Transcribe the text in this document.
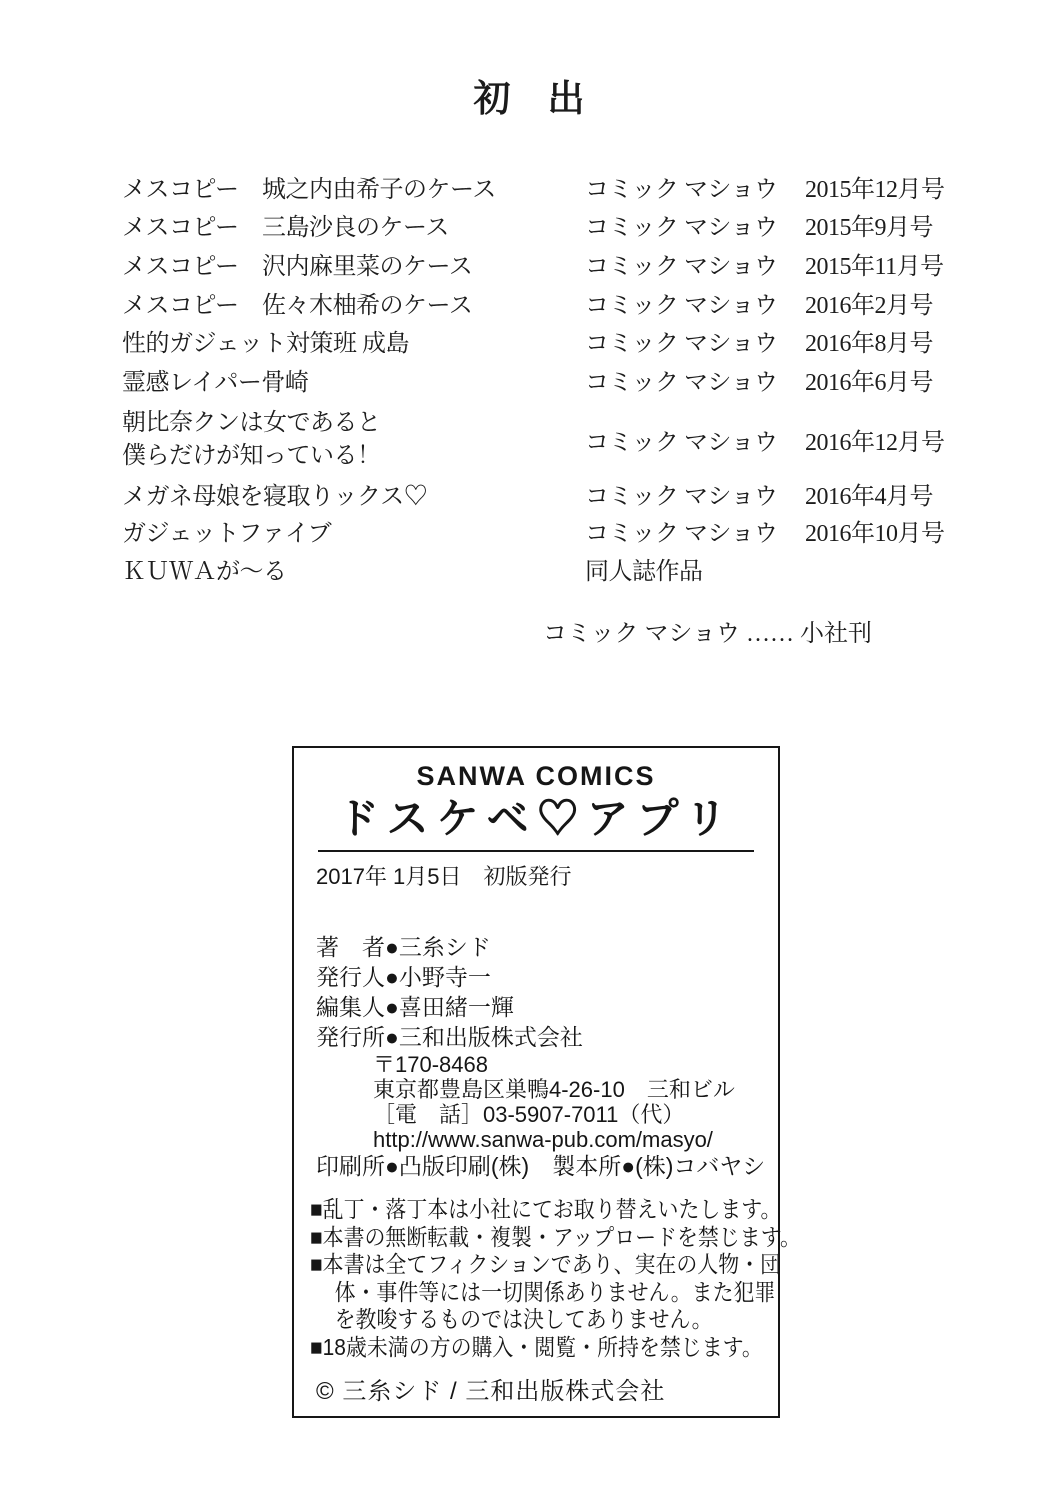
初　出
メスコピー　城之内由希子のケース	コミック マショウ	2015年12月号
メスコピー　三島沙良のケース	コミック マショウ	2015年9月号
メスコピー　沢内麻里菜のケース	コミック マショウ	2015年11月号
メスコピー　佐々木柚希のケース	コミック マショウ	2016年2月号
性的ガジェット対策班 成島	コミック マショウ	2016年8月号
霊感レイパー骨崎	コミック マショウ	2016年6月号
朝比奈クンは女であると
僕らだけが知っている！	コミック マショウ	2016年12月号
メガネ母娘を寝取りックス♡	コミック マショウ	2016年4月号
ガジェットファイブ	コミック マショウ	2016年10月号
ＫＵＷＡが～る	同人誌作品
コミック マショウ …… 小社刊
SANWA COMICS
ドスケベ♡アプリ
2017年 1月5日　初版発行
著　者●三糸シド
発行人●小野寺一
編集人●喜田緒一輝
発行所●三和出版株式会社
〒170-8468
東京都豊島区巣鴨4-26-10　三和ビル
［電　話］03-5907-7011（代）
http://www.sanwa-pub.com/masyo/
印刷所●凸版印刷(株)　製本所●(株)コバヤシ
■乱丁・落丁本は小社にてお取り替えいたします。
■本書の無断転載・複製・アップロードを禁じます。
■本書は全てフィクションであり、実在の人物・団
体・事件等には一切関係ありません。また犯罪
を教唆するものでは決してありません。
■18歳未満の方の購入・閲覧・所持を禁じます。
© 三糸シド / 三和出版株式会社
